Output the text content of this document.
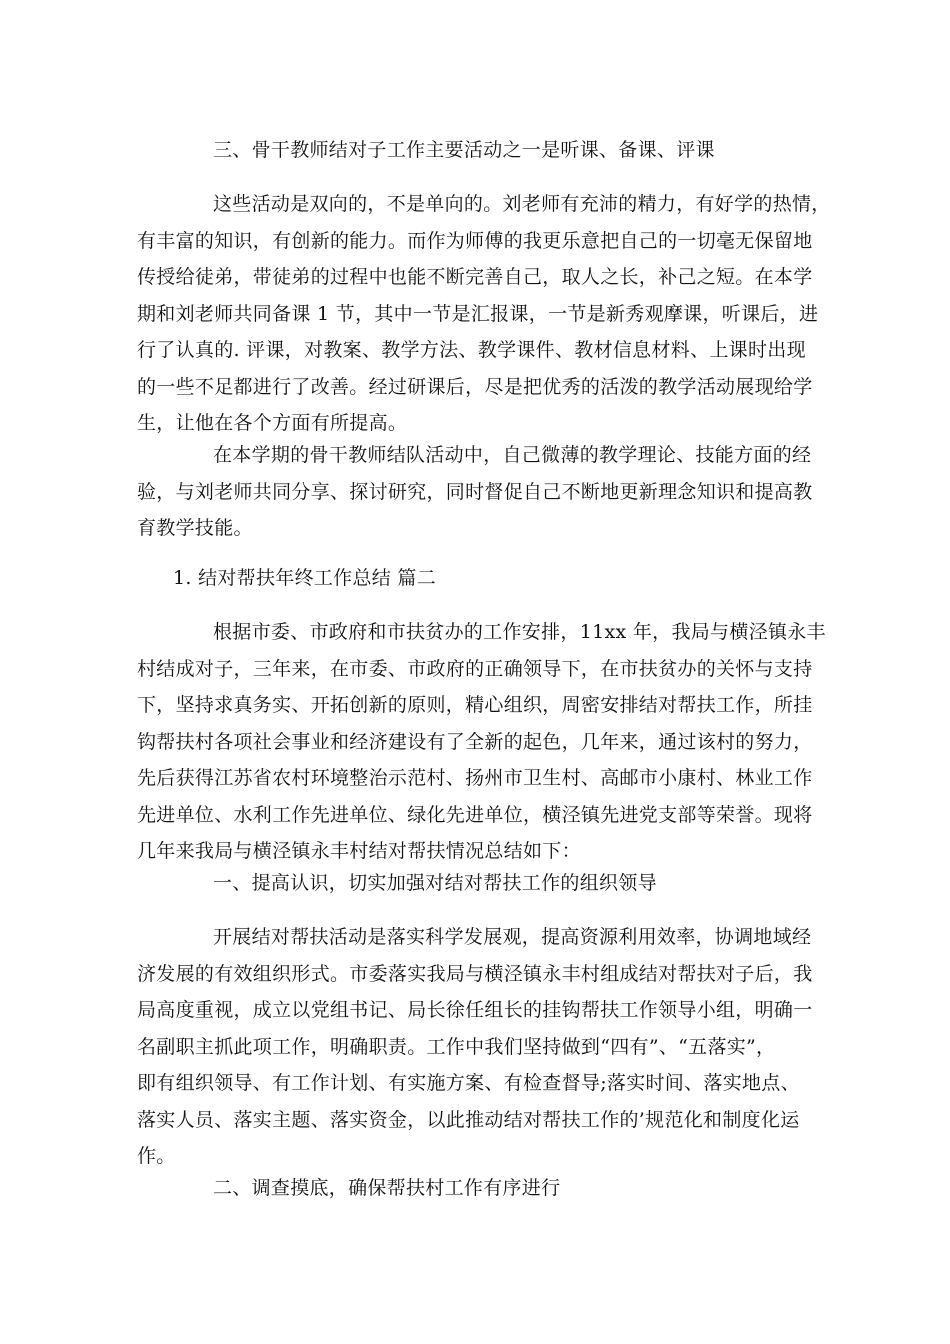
三、骨干教师结对子工作主要活动之一是听课、备课、评课
这些活动是双向的，不是单向的。刘老师有充沛的精力，有好学的热情，
有丰富的知识，有创新的能力。而作为师傅的我更乐意把自己的一切毫无保留地
传授给徒弟，带徒弟的过程中也能不断完善自己，取人之长，补己之短。在本学
期和刘老师共同备课 1 节，其中一节是汇报课，一节是新秀观摩课，听课后，进
行了认真的. 评课，对教案、教学方法、教学课件、教材信息材料、上课时出现
的一些不足都进行了改善。经过研课后，尽是把优秀的活泼的教学活动展现给学
生，让他在各个方面有所提高。
在本学期的骨干教师结队活动中，自己微薄的教学理论、技能方面的经
验，与刘老师共同分享、探讨研究，同时督促自己不断地更新理念知识和提高教
育教学技能。
1. 结对帮扶年终工作总结 篇二
根据市委、市政府和市扶贫办的工作安排，11xx 年，我局与横泾镇永丰
村结成对子，三年来，在市委、市政府的正确领导下，在市扶贫办的关怀与支持
下，坚持求真务实、开拓创新的原则，精心组织，周密安排结对帮扶工作，所挂
钩帮扶村各项社会事业和经济建设有了全新的起色，几年来，通过该村的努力，
先后获得江苏省农村环境整治示范村、扬州市卫生村、高邮市小康村、林业工作
先进单位、水利工作先进单位、绿化先进单位，横泾镇先进党支部等荣誉。现将
几年来我局与横泾镇永丰村结对帮扶情况总结如下：
一、提高认识，切实加强对结对帮扶工作的组织领导
开展结对帮扶活动是落实科学发展观，提高资源利用效率，协调地域经
济发展的有效组织形式。市委落实我局与横泾镇永丰村组成结对帮扶对子后，我
局高度重视，成立以党组书记、局长徐任组长的挂钩帮扶工作领导小组，明确一
名副职主抓此项工作，明确职责。工作中我们坚持做到“四有”、“五落实”，
即有组织领导、有工作计划、有实施方案、有检查督导;落实时间、落实地点、
落实人员、落实主题、落实资金，以此推动结对帮扶工作的’规范化和制度化运
作。
二、调查摸底，确保帮扶村工作有序进行
